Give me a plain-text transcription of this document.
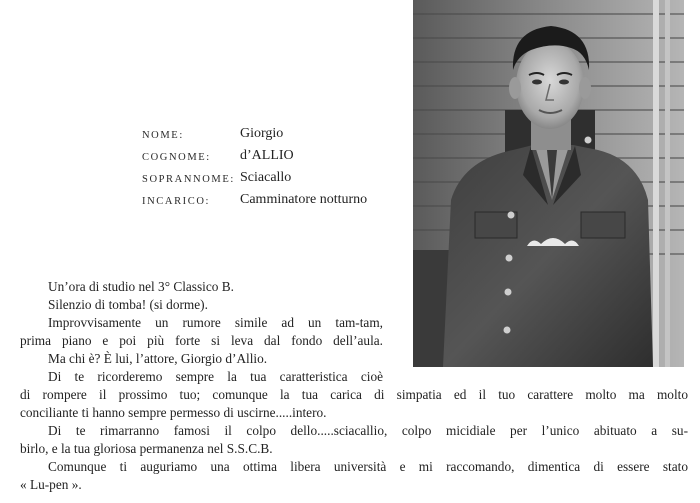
NOME:	Giorgio
COGNOME: d’ALLIO
SOPRANNOME: Sciacallo
INCARICO: Camminatore notturno
Un’ora di studio nel 3° Classico B.
Silenzio di tomba! (si dorme).
Improvvisamente un rumore simile ad un tam-tam,
prima piano e poi più forte si leva dal fondo dell’aula.
Ma chi è? È lui, l’attore, Giorgio d’Allio.
Di te ricorderemo sempre la tua caratteristica cioè
di rompere il prossimo tuo; comunque la tua carica di simpatia ed il tuo carattere molto ma molto
conciliante ti hanno sempre permesso di uscirne.....intero.
Di te rimarranno famosi il colpo dello.....sciacallio, colpo micidiale per l’unico abituato a su-
birlo, e la tua gloriosa permanenza nel S.S.C.B.
Comunque ti auguriamo una ottima libera università e mi raccomando, dimentica di essere stato
« Lu-pen ».
